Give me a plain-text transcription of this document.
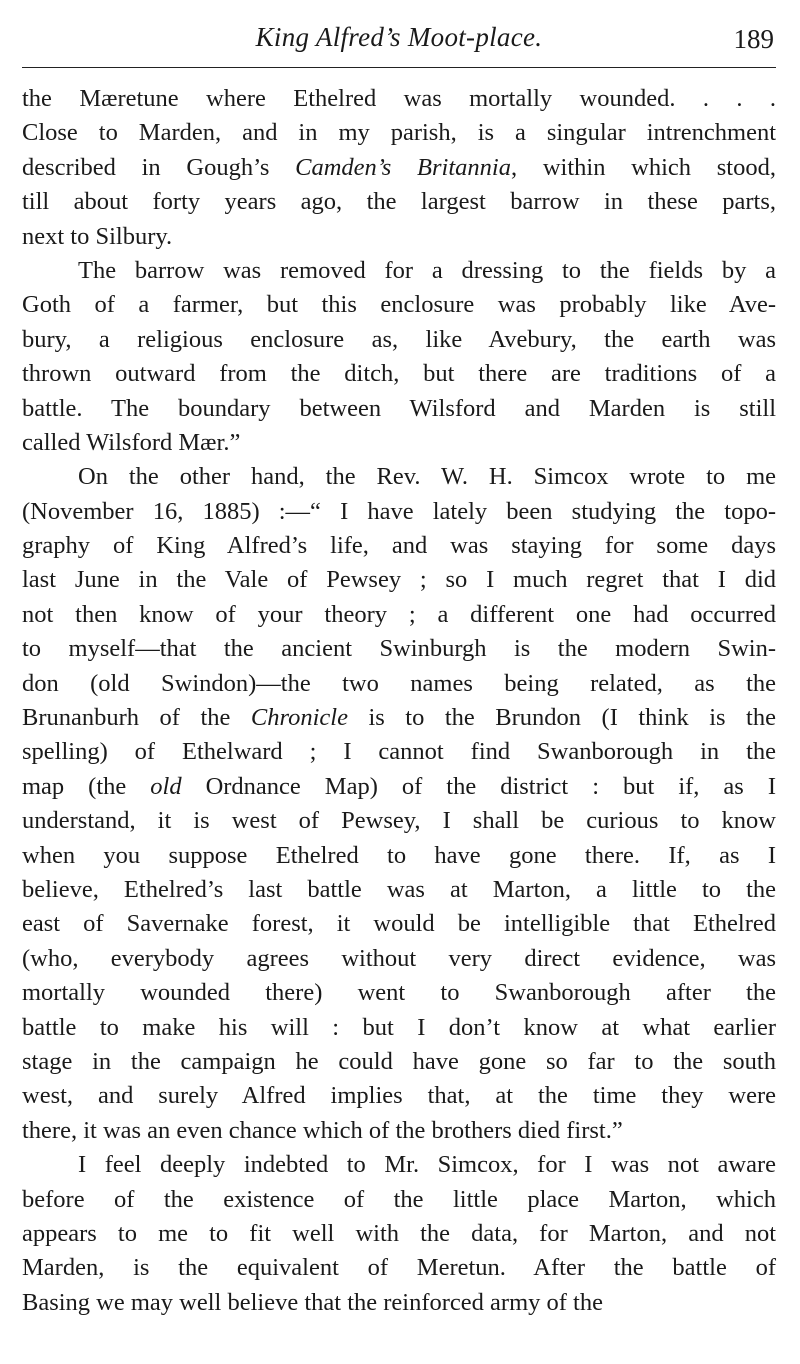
King Alfred’s Moot-place.	189
the Mæretune where Ethelred was mortally wounded. . . .
Close to Marden, and in my parish, is a singular intrenchment
described in Gough’s Camden’s Britannia, within which stood,
till about forty years ago, the largest barrow in these parts,
next to Silbury.
The barrow was removed for a dressing to the fields by a
Goth of a farmer, but this enclosure was probably like Ave-
bury, a religious enclosure as, like Avebury, the earth was
thrown outward from the ditch, but there are traditions of a
battle. The boundary between Wilsford and Marden is still
called Wilsford Mær.”
On the other hand, the Rev. W. H. Simcox wrote to me
(November 16, 1885) :—“ I have lately been studying the topo-
graphy of King Alfred’s life, and was staying for some days
last June in the Vale of Pewsey ; so I much regret that I did
not then know of your theory ; a different one had occurred
to myself—that the ancient Swinburgh is the modern Swin-
don (old Swindon)—the two names being related, as the
Brunanburh of the Chronicle is to the Brundon (I think is the
spelling) of Ethelward ; I cannot find Swanborough in the
map (the old Ordnance Map) of the district : but if, as I
understand, it is west of Pewsey, I shall be curious to know
when you suppose Ethelred to have gone there. If, as I
believe, Ethelred’s last battle was at Marton, a little to the
east of Savernake forest, it would be intelligible that Ethelred
(who, everybody agrees without very direct evidence, was
mortally wounded there) went to Swanborough after the
battle to make his will : but I don’t know at what earlier
stage in the campaign he could have gone so far to the south
west, and surely Alfred implies that, at the time they were
there, it was an even chance which of the brothers died first.”
I feel deeply indebted to Mr. Simcox, for I was not aware
before of the existence of the little place Marton, which
appears to me to fit well with the data, for Marton, and not
Marden, is the equivalent of Meretun. After the battle of
Basing we may well believe that the reinforced army of the
